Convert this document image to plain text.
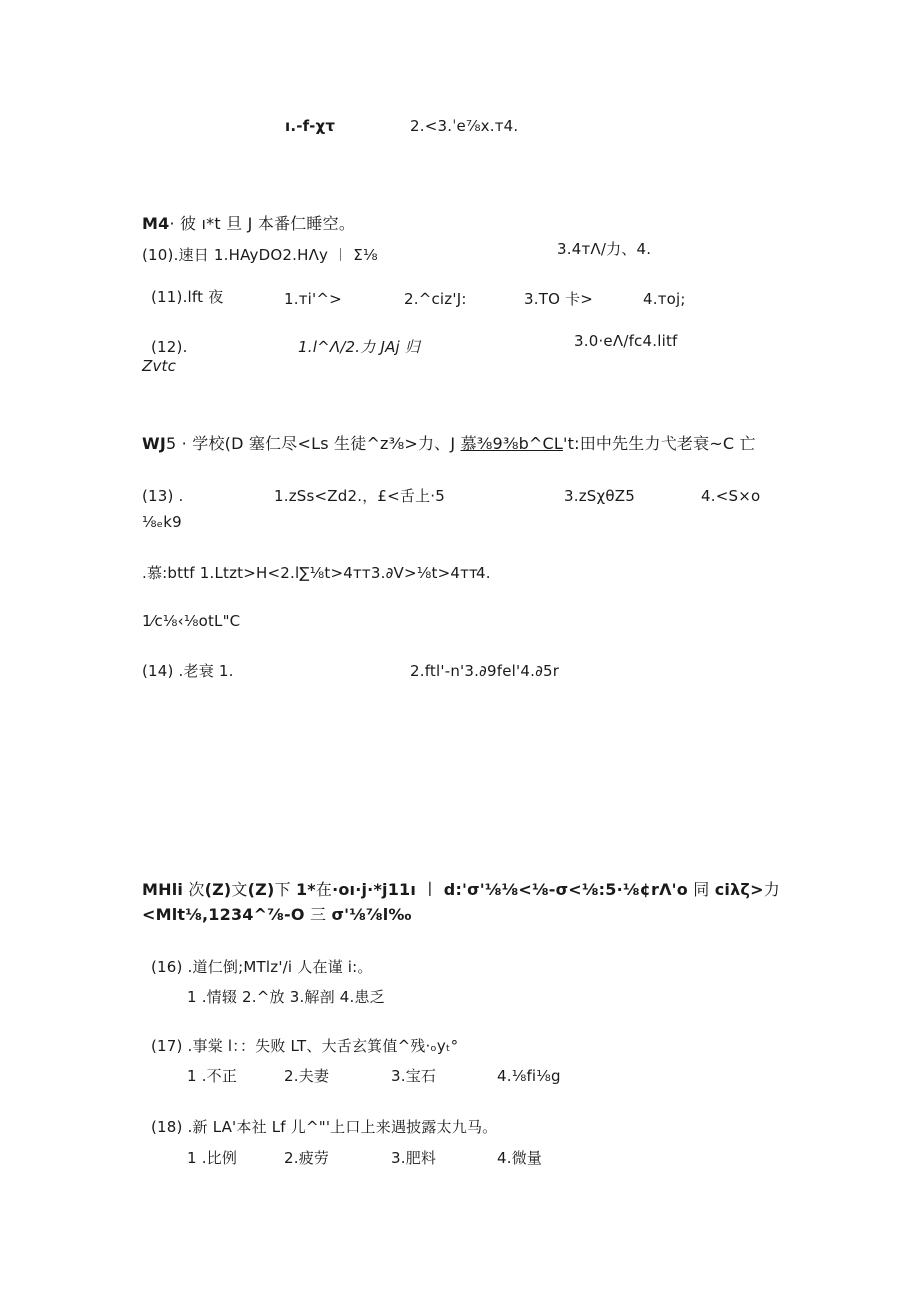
ı.-f-χτ	2.<3.ˈe⅞x.ᴛ4.
M4· 彼 ı*t 旦 J 本番仁睡空。
(10).速日 1.HAyDO2.HΛy ︱ Σ⅛	3.4ᴛΛ/力、4.
(11).lft 夜	1.ᴛi'^>	2.^ciz'J:	3.TO 卡>	4.ᴛoj;
(12).	1.l^Λ/2.力 JAj 归	3.0·eΛ/fc4.litf
Zvtc
WJ5 · 学校(D 塞仁尽<Ls 生徒^z⅜>力、J 慕⅜9⅜b^CL't:田中先生力弋老衰~C 亡
(13) .	1.zSs<Zd2.，£<舌上·5	3.zSχθZ5	4.<S×o
⅛ₑk9
.慕:bttf 1.Ltzt>H<2.l∑⅛t>4ᴛᴛ3.∂V>⅛t>4ᴛᴛ
4.
1⁄c⅛‹⅛otL"C
(14) .老衰 1.	2.ftl'-n'3.∂9fel'4.∂5r
MHli 次(Z)文(Z)下 1*在·oı·j·*j11ı ︱ d:'σ'⅛⅛<⅛-σ<⅛:5·⅛¢rΛ'o 同 ciλζ>力
<Mlt⅛,1234^⅞-O 三 σ'⅛⅞l‰
(16) .道仁倒;MTlz'/i 人在谨 i:。
1 .情辍 2.^放 3.解剖 4.患乏
(17) .事棠 l：：失败 LT、大舌玄箕值^残·ₒyₜ°
1 .不正	2.夫妻	3.宝石	4.⅛fi⅛g
(18) .新 LA'本社 Lf 儿^"'上口上来遇披露太九马。
1 .比例	2.疲劳	3.肥料	4.微量
